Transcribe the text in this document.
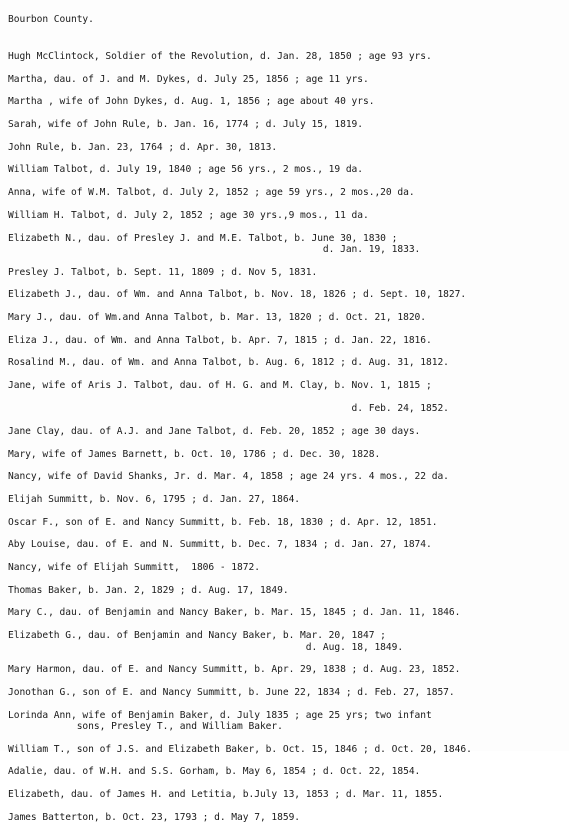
Bourbon County.
Hugh McClintock, Soldier of the Revolution, d. Jan. 28, 1850 ; age 93 yrs.
Martha, dau. of J. and M. Dykes, d. July 25, 1856 ; age 11 yrs.
Martha , wife of John Dykes, d. Aug. 1, 1856 ; age about 40 yrs.
Sarah, wife of John Rule, b. Jan. 16, 1774 ; d. July 15, 1819.
John Rule, b. Jan. 23, 1764 ; d. Apr. 30, 1813.
William Talbot, d. July 19, 1840 ; age 56 yrs., 2 mos., 19 da.
Anna, wife of W.M. Talbot, d. July 2, 1852 ; age 59 yrs., 2 mos.,20 da.
William H. Talbot, d. July 2, 1852 ; age 30 yrs.,9 mos., 11 da.
Elizabeth N., dau. of Presley J. and M.E. Talbot, b. June 30, 1830 ;
d. Jan. 19, 1833.
Presley J. Talbot, b. Sept. 11, 1809 ; d. Nov 5, 1831.
Elizabeth J., dau. of Wm. and Anna Talbot, b. Nov. 18, 1826 ; d. Sept. 10, 1827.
Mary J., dau. of Wm.and Anna Talbot, b. Mar. 13, 1820 ; d. Oct. 21, 1820.
Eliza J., dau. of Wm. and Anna Talbot, b. Apr. 7, 1815 ; d. Jan. 22, 1816.
Rosalind M., dau. of Wm. and Anna Talbot, b. Aug. 6, 1812 ; d. Aug. 31, 1812.
Jane, wife of Aris J. Talbot, dau. of H. G. and M. Clay, b. Nov. 1, 1815 ;

d. Feb. 24, 1852.
Jane Clay, dau. of A.J. and Jane Talbot, d. Feb. 20, 1852 ; age 30 days.
Mary, wife of James Barnett, b. Oct. 10, 1786 ; d. Dec. 30, 1828.
Nancy, wife of David Shanks, Jr. d. Mar. 4, 1858 ; age 24 yrs. 4 mos., 22 da.
Elijah Summitt, b. Nov. 6, 1795 ; d. Jan. 27, 1864.
Oscar F., son of E. and Nancy Summitt, b. Feb. 18, 1830 ; d. Apr. 12, 1851.
Aby Louise, dau. of E. and N. Summitt, b. Dec. 7, 1834 ; d. Jan. 27, 1874.
Nancy, wife of Elijah Summitt,  1806 - 1872.
Thomas Baker, b. Jan. 2, 1829 ; d. Aug. 17, 1849.
Mary C., dau. of Benjamin and Nancy Baker, b. Mar. 15, 1845 ; d. Jan. 11, 1846.
Elizabeth G., dau. of Benjamin and Nancy Baker, b. Mar. 20, 1847 ;
d. Aug. 18, 1849.
Mary Harmon, dau. of E. and Nancy Summitt, b. Apr. 29, 1838 ; d. Aug. 23, 1852.
Jonothan G., son of E. and Nancy Summitt, b. June 22, 1834 ; d. Feb. 27, 1857.
Lorinda Ann, wife of Benjamin Baker, d. July 1835 ; age 25 yrs; two infant
sons, Presley T., and William Baker.
William T., son of J.S. and Elizabeth Baker, b. Oct. 15, 1846 ; d. Oct. 20, 1846.
Adalie, dau. of W.H. and S.S. Gorham, b. May 6, 1854 ; d. Oct. 22, 1854.
Elizabeth, dau. of James H. and Letitia, b.July 13, 1853 ; d. Mar. 11, 1855.
James Batterton, b. Oct. 23, 1793 ; d. May 7, 1859.
